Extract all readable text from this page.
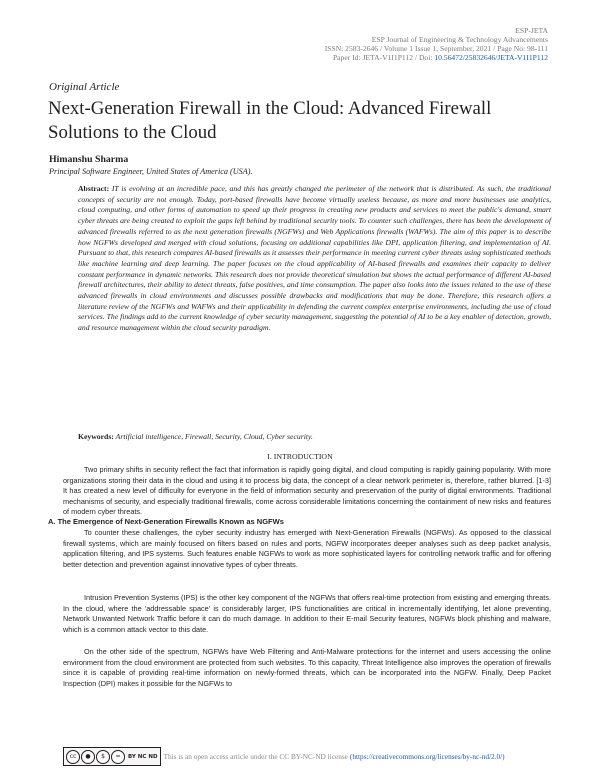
ESP-JETA
ESP Journal of Engineering & Technology Advancements
ISSN: 2583-2646 / Volume 1 Issue 1, September, 2021 / Page No: 98-111
Paper Id: JETA-V1I1P112 / Doi: 10.56472/25832646/JETA-V1I1P112
Original Article
Next-Generation Firewall in the Cloud: Advanced Firewall Solutions to the Cloud
Himanshu Sharma
Principal Software Engineer, United States of America (USA).

Abstract: IT is evolving at an incredible pace, and this has greatly changed the perimeter of the network that is distributed. As such, the traditional concepts of security are not enough. Today, port-based firewalls have become virtually useless because, as more and more businesses use analytics, cloud computing, and other forms of automation to speed up their progress in creating new products and services to meet the public's demand, smart cyber threats are being created to exploit the gaps left behind by traditional security tools. To counter such challenges, there has been the development of advanced firewalls referred to as the next generation firewalls (NGFWs) and Web Applications firewalls (WAFWs). The aim of this paper is to describe how NGFWs developed and merged with cloud solutions, focusing on additional capabilities like DPI, application filtering, and implementation of AI. Pursuant to that, this research compares AI-based firewalls as it assesses their performance in meeting current cyber threats using sophisticated methods like machine learning and deep learning. The paper focuses on the cloud applicability of AI-based firewalls and examines their capacity to deliver constant performance in dynamic networks. This research does not provide theoretical simulation but shows the actual performance of different AI-based firewall architectures, their ability to detect threats, false positives, and time consumption. The paper also looks into the issues related to the use of these advanced firewalls in cloud environments and discusses possible drawbacks and modifications that may be done. Therefore, this research offers a literature review of the NGFWs and WAFWs and their applicability in defending the current complex enterprise environments, including the use of cloud services. The findings add to the current knowledge of cyber security management, suggesting the potential of AI to be a key enabler of detection, growth, and resource management within the cloud security paradigm.

Keywords: Artificial intelligence, Firewall, Security, Cloud, Cyber security.

I. INTRODUCTION

Two primary shifts in security reflect the fact that information is rapidly going digital, and cloud computing is rapidly gaining popularity. With more organizations storing their data in the cloud and using it to process big data, the concept of a clear network perimeter is, therefore, rather blurred. [1-3] It has created a new level of difficulty for everyone in the field of information security and preservation of the purity of digital environments. Traditional mechanisms of security, and especially traditional firewalls, come across considerable limitations concerning the containment of new risks and features of modern cyber threats.

A. The Emergence of Next-Generation Firewalls Known as NGFWs

To counter these challenges, the cyber security industry has emerged with Next-Generation Firewalls (NGFWs). As opposed to the classical firewall systems, which are mainly focused on filters based on rules and ports, NGFW incorporates deeper analyses such as deep packet analysis, application filtering, and IPS systems. Such features enable NGFWs to work as more sophisticated layers for controlling network traffic and for offering better detection and prevention against innovative types of cyber threats.

Intrusion Prevention Systems (IPS) is the other key component of the NGFWs that offers real-time protection from existing and emerging threats. In the cloud, where the 'addressable space' is considerably larger, IPS functionalities are critical in incrementally identifying, let alone preventing, Network Unwanted Network Traffic before it can do much damage. In addition to their E-mail Security features, NGFWs block phishing and malware, which is a common attack vector to this date.

On the other side of the spectrum, NGFWs have Web Filtering and Anti-Malware protections for the internet and users accessing the online environment from the cloud environment are protected from such websites. To this capacity, Threat Intelligence also improves the operation of firewalls since it is capable of providing real-time information on newly-formed threats, which can be incorporated into the NGFW. Finally, Deep Packet Inspection (DPI) makes it possible for the NGFWs to

cc	●	$	=	BY NC ND This is an open access article under the CC BY-NC-ND license (https://creativecommons.org/licenses/by-nc-nd/2.0/)
